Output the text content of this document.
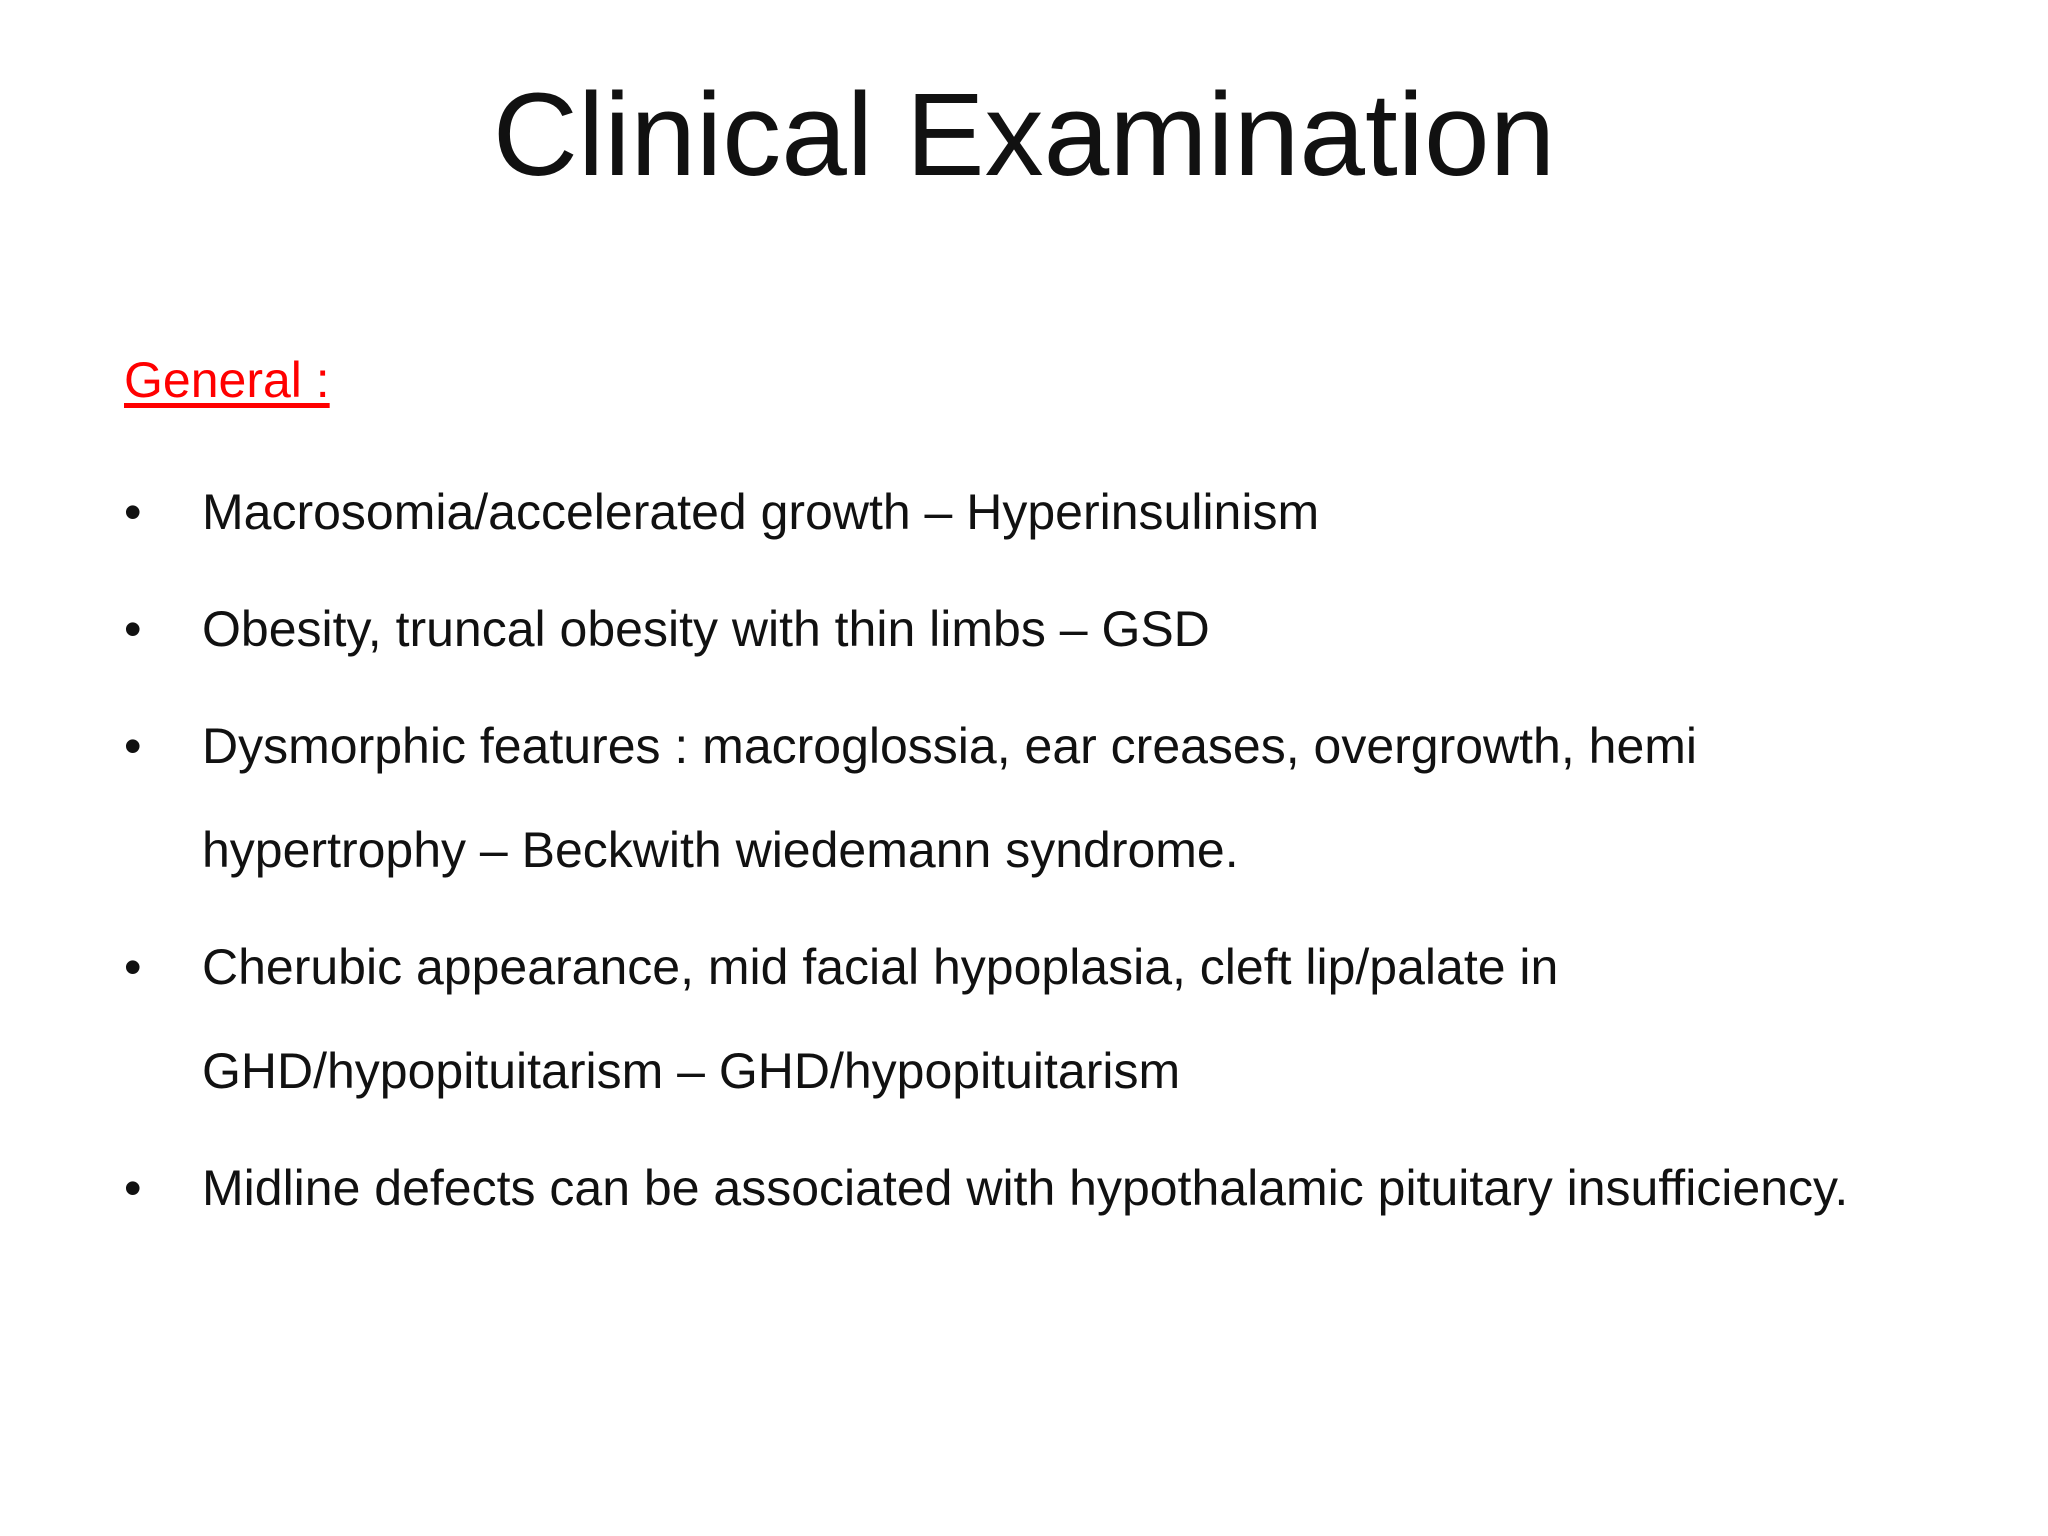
Clinical Examination
General :
•	Macrosomia/accelerated growth – Hyperinsulinism
•	Obesity, truncal obesity with thin limbs – GSD
•	Dysmorphic features : macroglossia, ear creases, overgrowth, hemi hypertrophy – Beckwith wiedemann syndrome.
•	Cherubic appearance, mid facial hypoplasia, cleft lip/palate in GHD/hypopituitarism – GHD/hypopituitarism
•	Midline defects can be associated with hypothalamic pituitary insufficiency.
